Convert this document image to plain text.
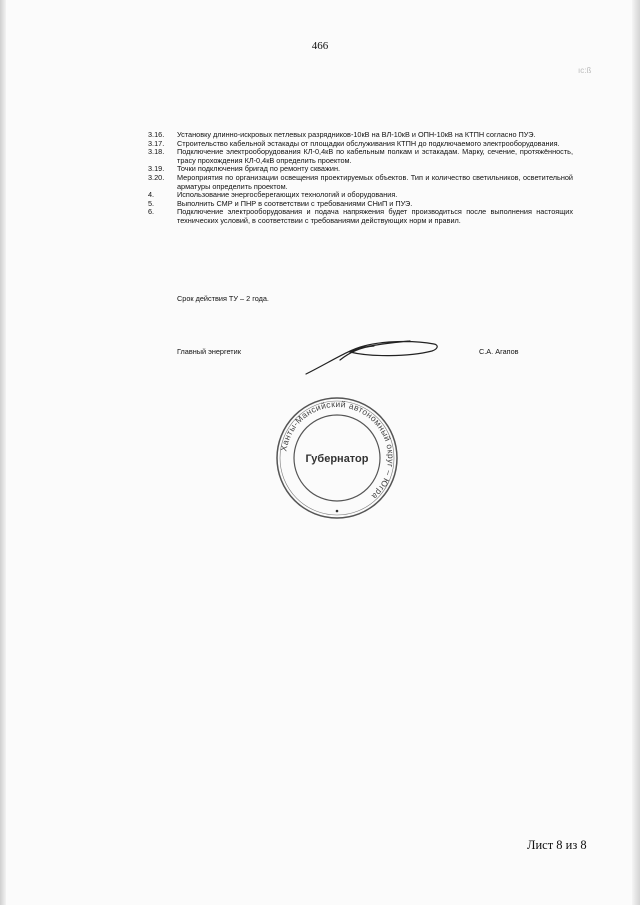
466
ıc:ß
3.16.	Установку длинно-искровых петлевых разрядников-10кВ на ВЛ-10кВ и ОПН-10кВ на КТПН согласно ПУЭ.
3.17.	Строительство кабельной эстакады от площадки обслуживания КТПН до подключаемого электрооборудования.
3.18.	Подключение электрооборудования КЛ-0,4кВ по кабельным полкам и эстакадам. Марку, сечение, протяжённость, трасу прохождения КЛ-0,4кВ определить проектом.
3.19.	Точки подключения бригад по ремонту скважин.
3.20.	Мероприятия по организации освещения проектируемых объектов. Тип и количество светильников, осветительной арматуры определить проектом.
4.	Использование энергосберегающих технологий и оборудования.
5.	Выполнить СМР и ПНР в соответствии с требованиями СНиП и ПУЭ.
6.	Подключение электрооборудования и подача напряжения будет производиться после выполнения настоящих технических условий, в соответствии с требованиями действующих норм и правил.
Срок действия ТУ – 2 года.
Главный энергетик	С.А. Агапов
Ханты-Мансийский автономный округ – Югра
Губернатор
Лист 8 из 8
